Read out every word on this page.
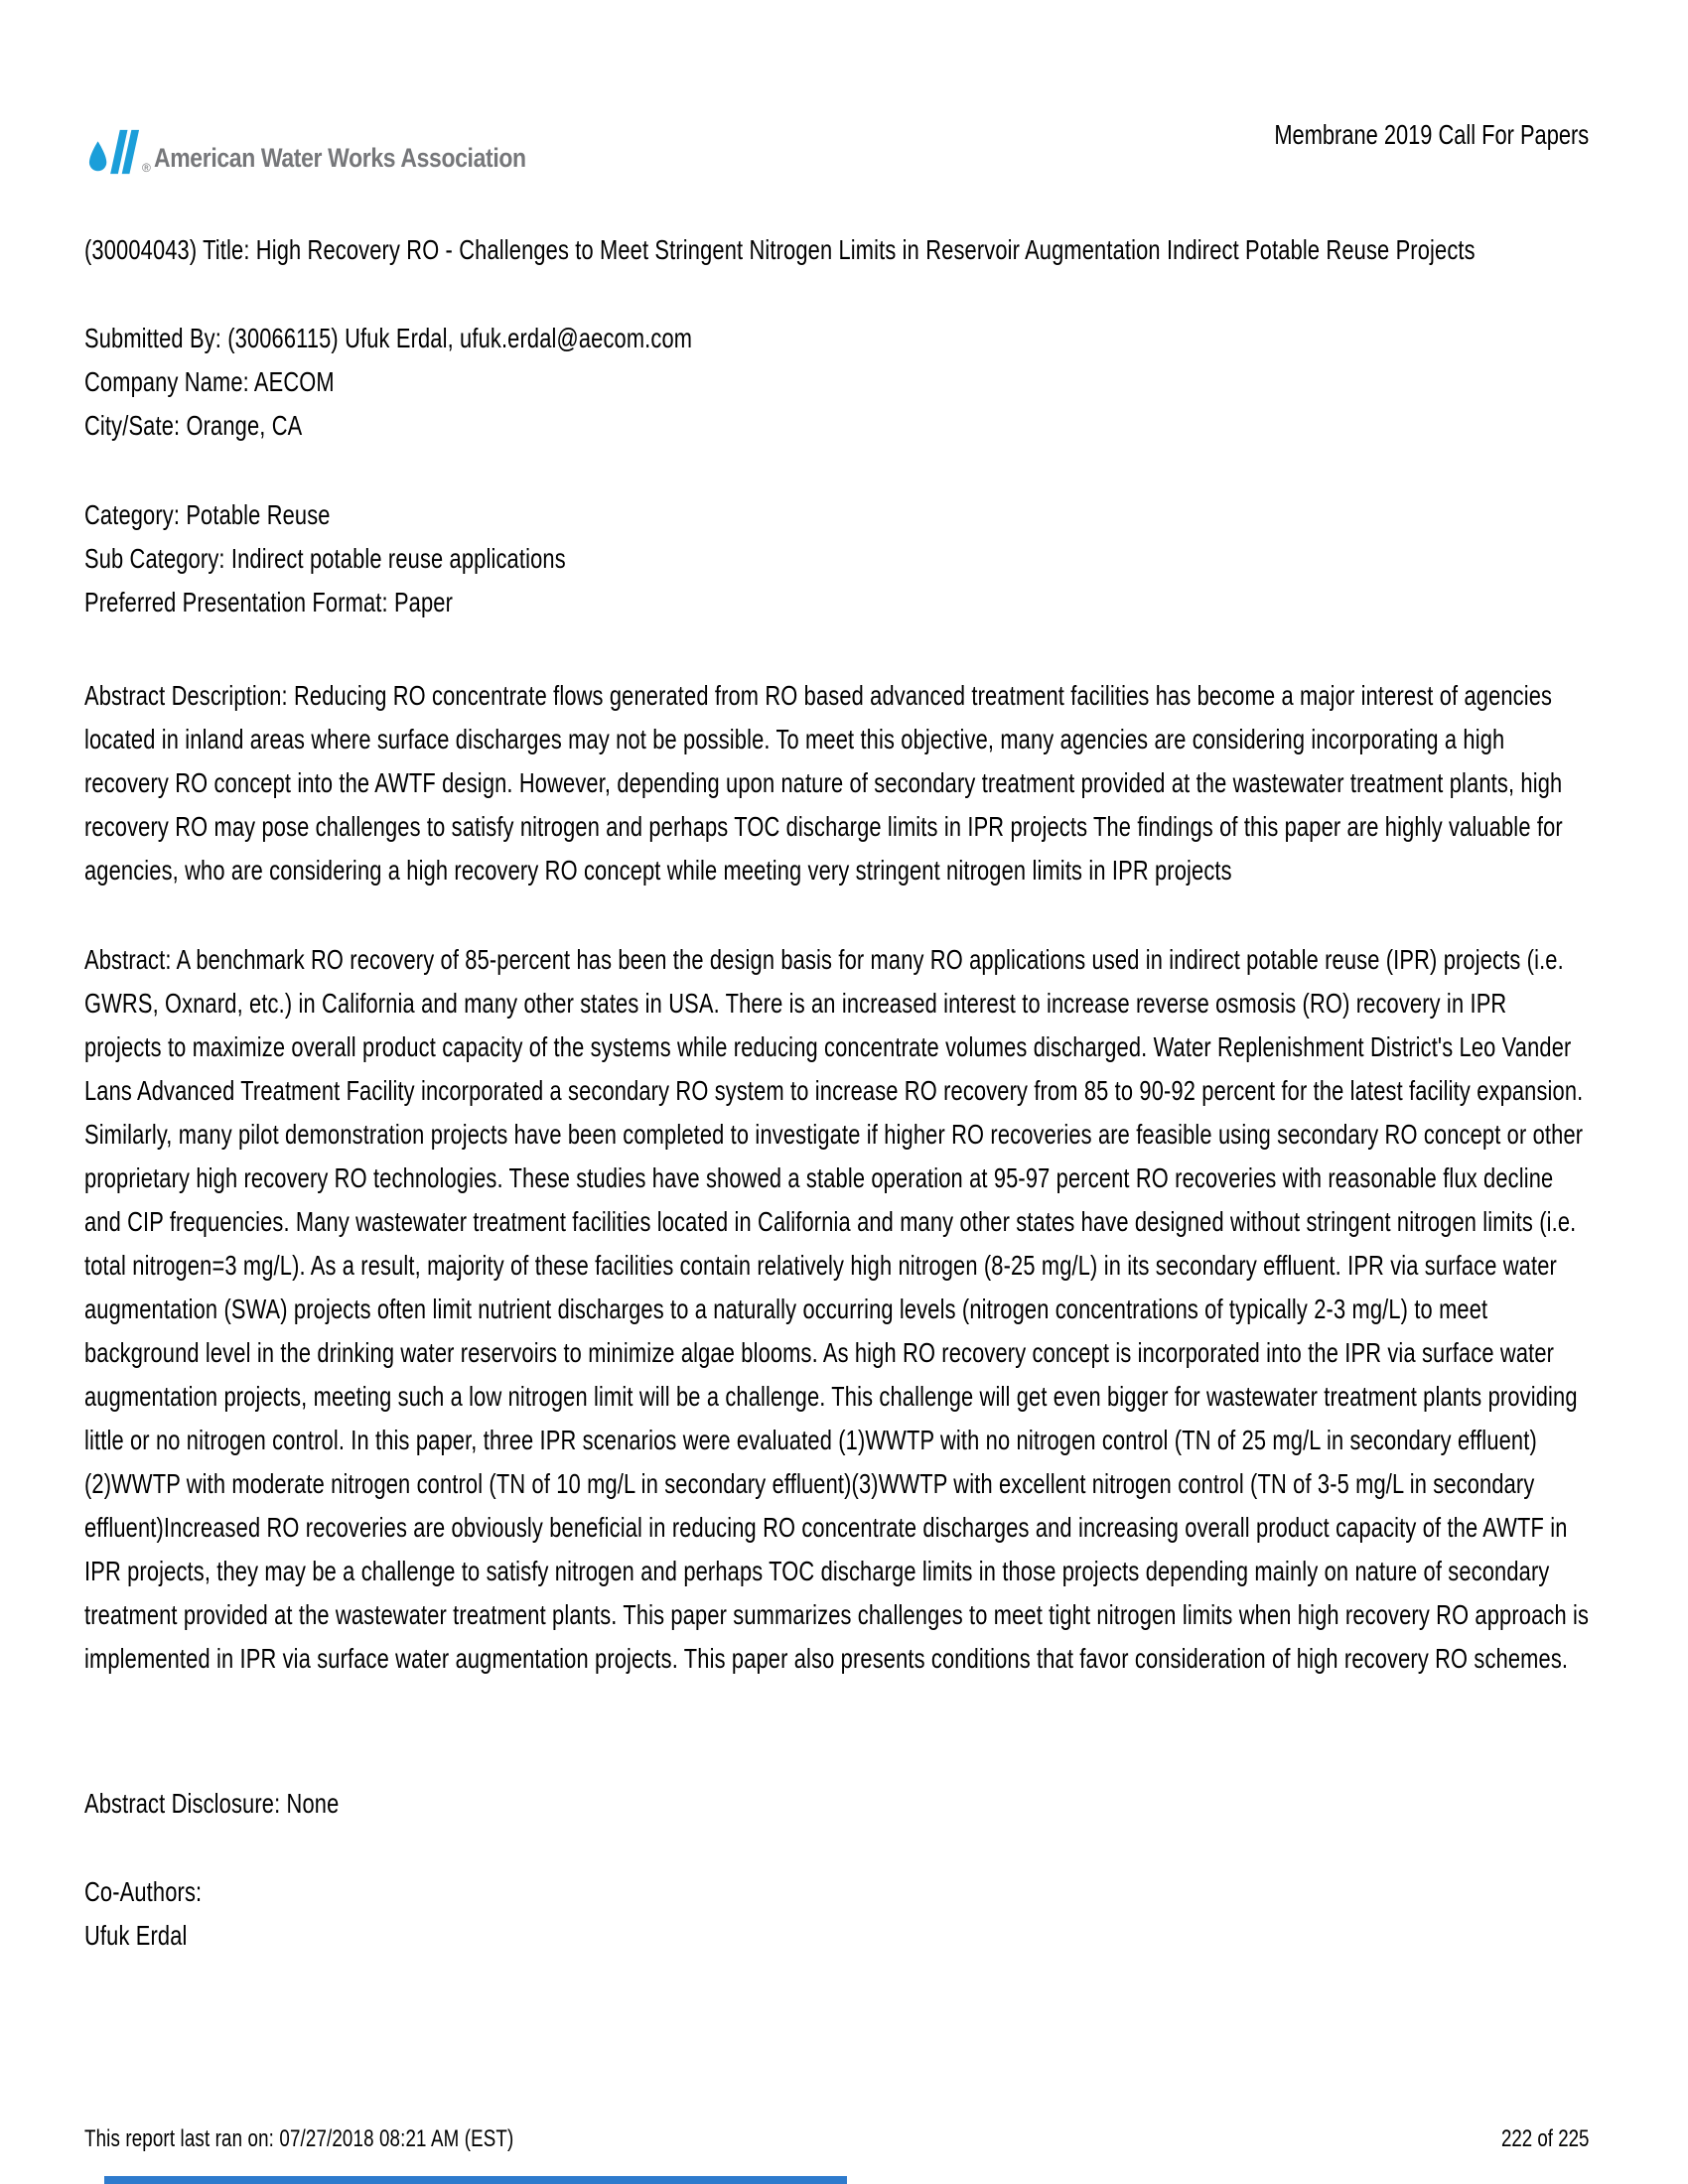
® American Water Works Association
Membrane 2019 Call For Papers
(30004043) Title: High Recovery RO - Challenges to Meet Stringent Nitrogen Limits in Reservoir Augmentation Indirect Potable Reuse Projects
Submitted By: (30066115) Ufuk Erdal, ufuk.erdal@aecom.com
Company Name: AECOM
City/Sate: Orange, CA
Category: Potable Reuse
Sub Category: Indirect potable reuse applications
Preferred Presentation Format: Paper
Abstract Description: Reducing RO concentrate flows generated from RO based advanced treatment facilities has become a major interest of agencies located in inland areas where surface discharges may not be possible. To meet this objective, many agencies are considering incorporating a high recovery RO concept into the AWTF design. However, depending upon nature of secondary treatment provided at the wastewater treatment plants, high recovery RO may pose challenges to satisfy nitrogen and perhaps TOC discharge limits in IPR projects The findings of this paper are highly valuable for agencies, who are considering a high recovery RO concept while meeting very stringent nitrogen limits in IPR projects
Abstract: A benchmark RO recovery of 85-percent has been the design basis for many RO applications used in indirect potable reuse (IPR) projects (i.e. GWRS, Oxnard, etc.) in California and many other states in USA. There is an increased interest to increase reverse osmosis (RO) recovery in IPR projects to maximize overall product capacity of the systems while reducing concentrate volumes discharged. Water Replenishment District's Leo Vander Lans Advanced Treatment Facility incorporated a secondary RO system to increase RO recovery from 85 to 90-92 percent for the latest facility expansion. Similarly, many pilot demonstration projects have been completed to investigate if higher RO recoveries are feasible using secondary RO concept or other proprietary high recovery RO technologies. These studies have showed a stable operation at 95-97 percent RO recoveries with reasonable flux decline and CIP frequencies. Many wastewater treatment facilities located in California and many other states have designed without stringent nitrogen limits (i.e. total nitrogen=3 mg/L). As a result, majority of these facilities contain relatively high nitrogen (8-25 mg/L) in its secondary effluent. IPR via surface water augmentation (SWA) projects often limit nutrient discharges to a naturally occurring levels (nitrogen concentrations of typically 2-3 mg/L) to meet background level in the drinking water reservoirs to minimize algae blooms. As high RO recovery concept is incorporated into the IPR via surface water augmentation projects, meeting such a low nitrogen limit will be a challenge. This challenge will get even bigger for wastewater treatment plants providing little or no nitrogen control. In this paper, three IPR scenarios were evaluated (1)WWTP with no nitrogen control (TN of 25 mg/L in secondary effluent)(2)WWTP with moderate nitrogen control (TN of 10 mg/L in secondary effluent)(3)WWTP with excellent nitrogen control (TN of 3-5 mg/L in secondary effluent)Increased RO recoveries are obviously beneficial in reducing RO concentrate discharges and increasing overall product capacity of the AWTF in IPR projects, they may be a challenge to satisfy nitrogen and perhaps TOC discharge limits in those projects depending mainly on nature of secondary treatment provided at the wastewater treatment plants. This paper summarizes challenges to meet tight nitrogen limits when high recovery RO approach is implemented in IPR via surface water augmentation projects. This paper also presents conditions that favor consideration of high recovery RO schemes.
Abstract Disclosure: None
Co-Authors:
Ufuk Erdal
This report last ran on: 07/27/2018 08:21 AM (EST)	222 of 225
